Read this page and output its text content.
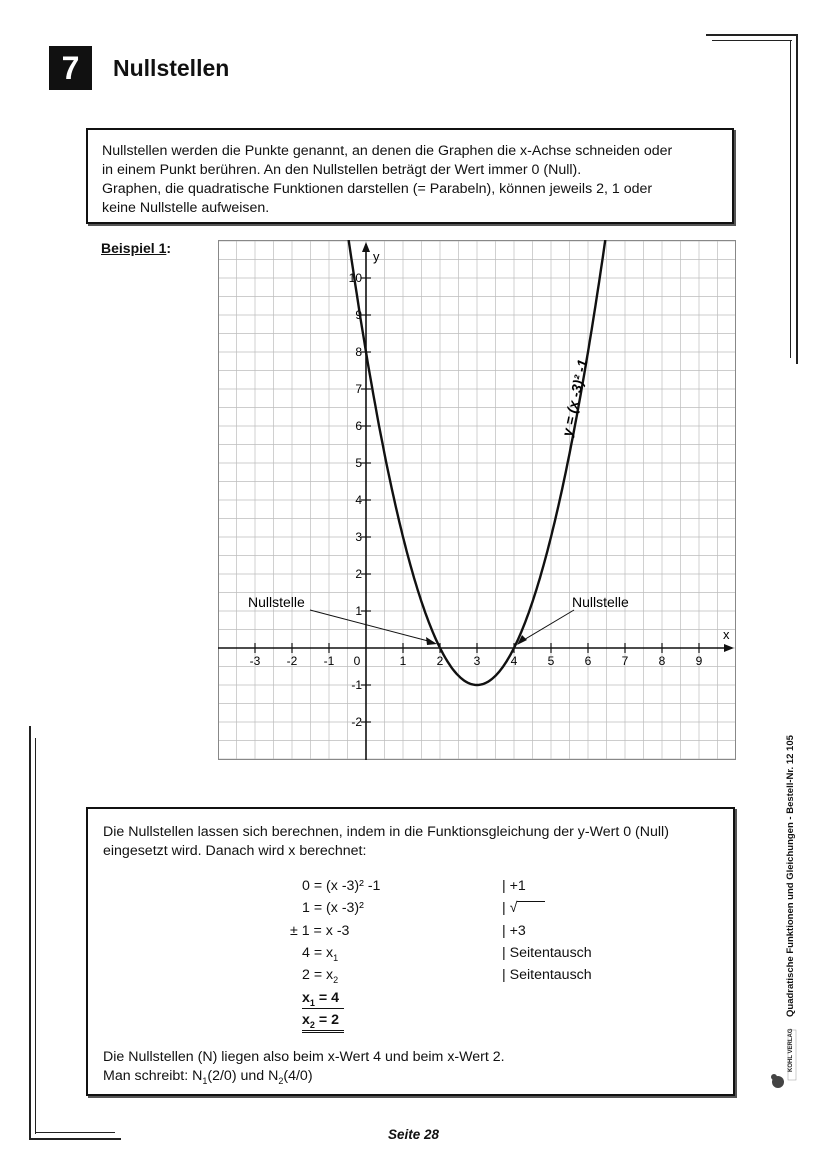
7	Nullstellen

Nullstellen werden die Punkte genannt, an denen die Graphen die x-Achse schneiden oder

in einem Punkt berühren. An den Nullstellen beträgt der Wert immer 0 (Null).

Graphen, die quadratische Funktionen darstellen (= Parabeln), können jeweils 2, 1 oder

keine Nullstelle aufweisen.

Beispiel 1:
x
y
-3 -2 -1 0	1	2	3	4	5	6	7	8	9
-2
-1
1
2
3
4
5
6
7
8
9
10
y = (x -3)² -1
Nullstelle	Nullstelle
Die Nullstellen lassen sich berechnen, indem in die Funktionsgleichung der y-Wert 0 (Null)
eingesetzt wird. Danach wird x berechnet:
0 = (x -3)² -1	| +1
1 = (x -3)²	| √
± 1 = x -3	| +3
$4 = x_1$	| Seitentausch
$2 = x_2$	| Seitentausch
$x_1 = 4$
$x_2 = 2$
Die Nullstellen (N) liegen also beim x-Wert 4 und beim x-Wert 2.
Man schreibt: $N_1(2/0)$ und $N_2(4/0)$
Quadratische Funktionen und Gleichungen - Bestell-Nr. 12 105
KOHL VERLAG
Seite 28
